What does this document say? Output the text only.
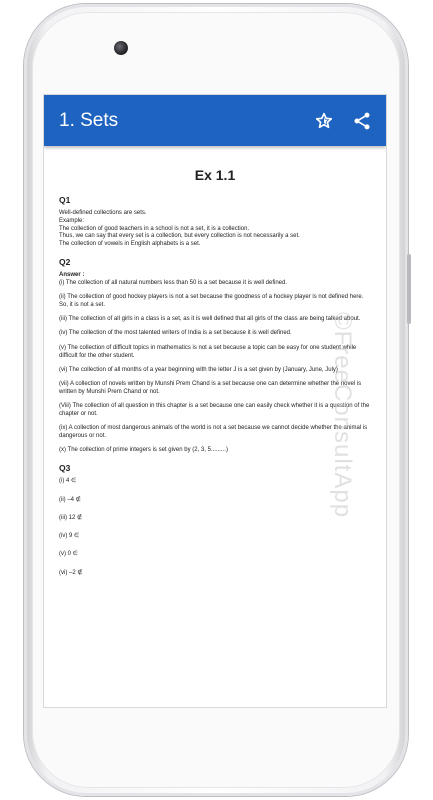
1. Sets
Ex 1.1
Q1
Well-defined collections are sets.
Example:
The collection of good teachers in a school is not a set, it is a collection.
Thus, we can say that every set is a collection, but every collection is not necessarily a set.
The collection of vowels in English alphabets is a set.
Q2
Answer :

(i) The collection of all natural numbers less than 50 is a set because it is well defined.

(ii) The collection of good hockey players is not a set because the goodness of a hockey player is not defined here. So, it is not a set.

(iii) The collection of all girls in a class is a set, as it is well defined that all girls of the class are being talked about.

(iv) The collection of the most talented writers of India is a set because it is well defined.

(v) The collection of difficult topics in mathematics is not a set because a topic can be easy for one student while difficult for the other student.

(vi) The collection of all months of a year beginning with the letter J is a set given by (January, June, July)

(vii) A collection of novels written by Munshi Prem Chand is a set because one can determine whether the novel is written by Munshi Prem Chand or not.

(Viii) The collection of all question in this chapter is a set because one can easily check whether it is a question of the chapter or not.

(ix) A collection of most dangerous animals of the world is not a set because we cannot decide whether the animal is dangerous or not.

(x) The collection of prime integers is set given by (2, 3, 5.........)

Q3
(i) 4 ∈
(ii) –4 ∉
(iii) 12 ∉
(iv) 9 ∈
(v) 0 ∈
(vi) –2 ∉
©FreeConsultApp
